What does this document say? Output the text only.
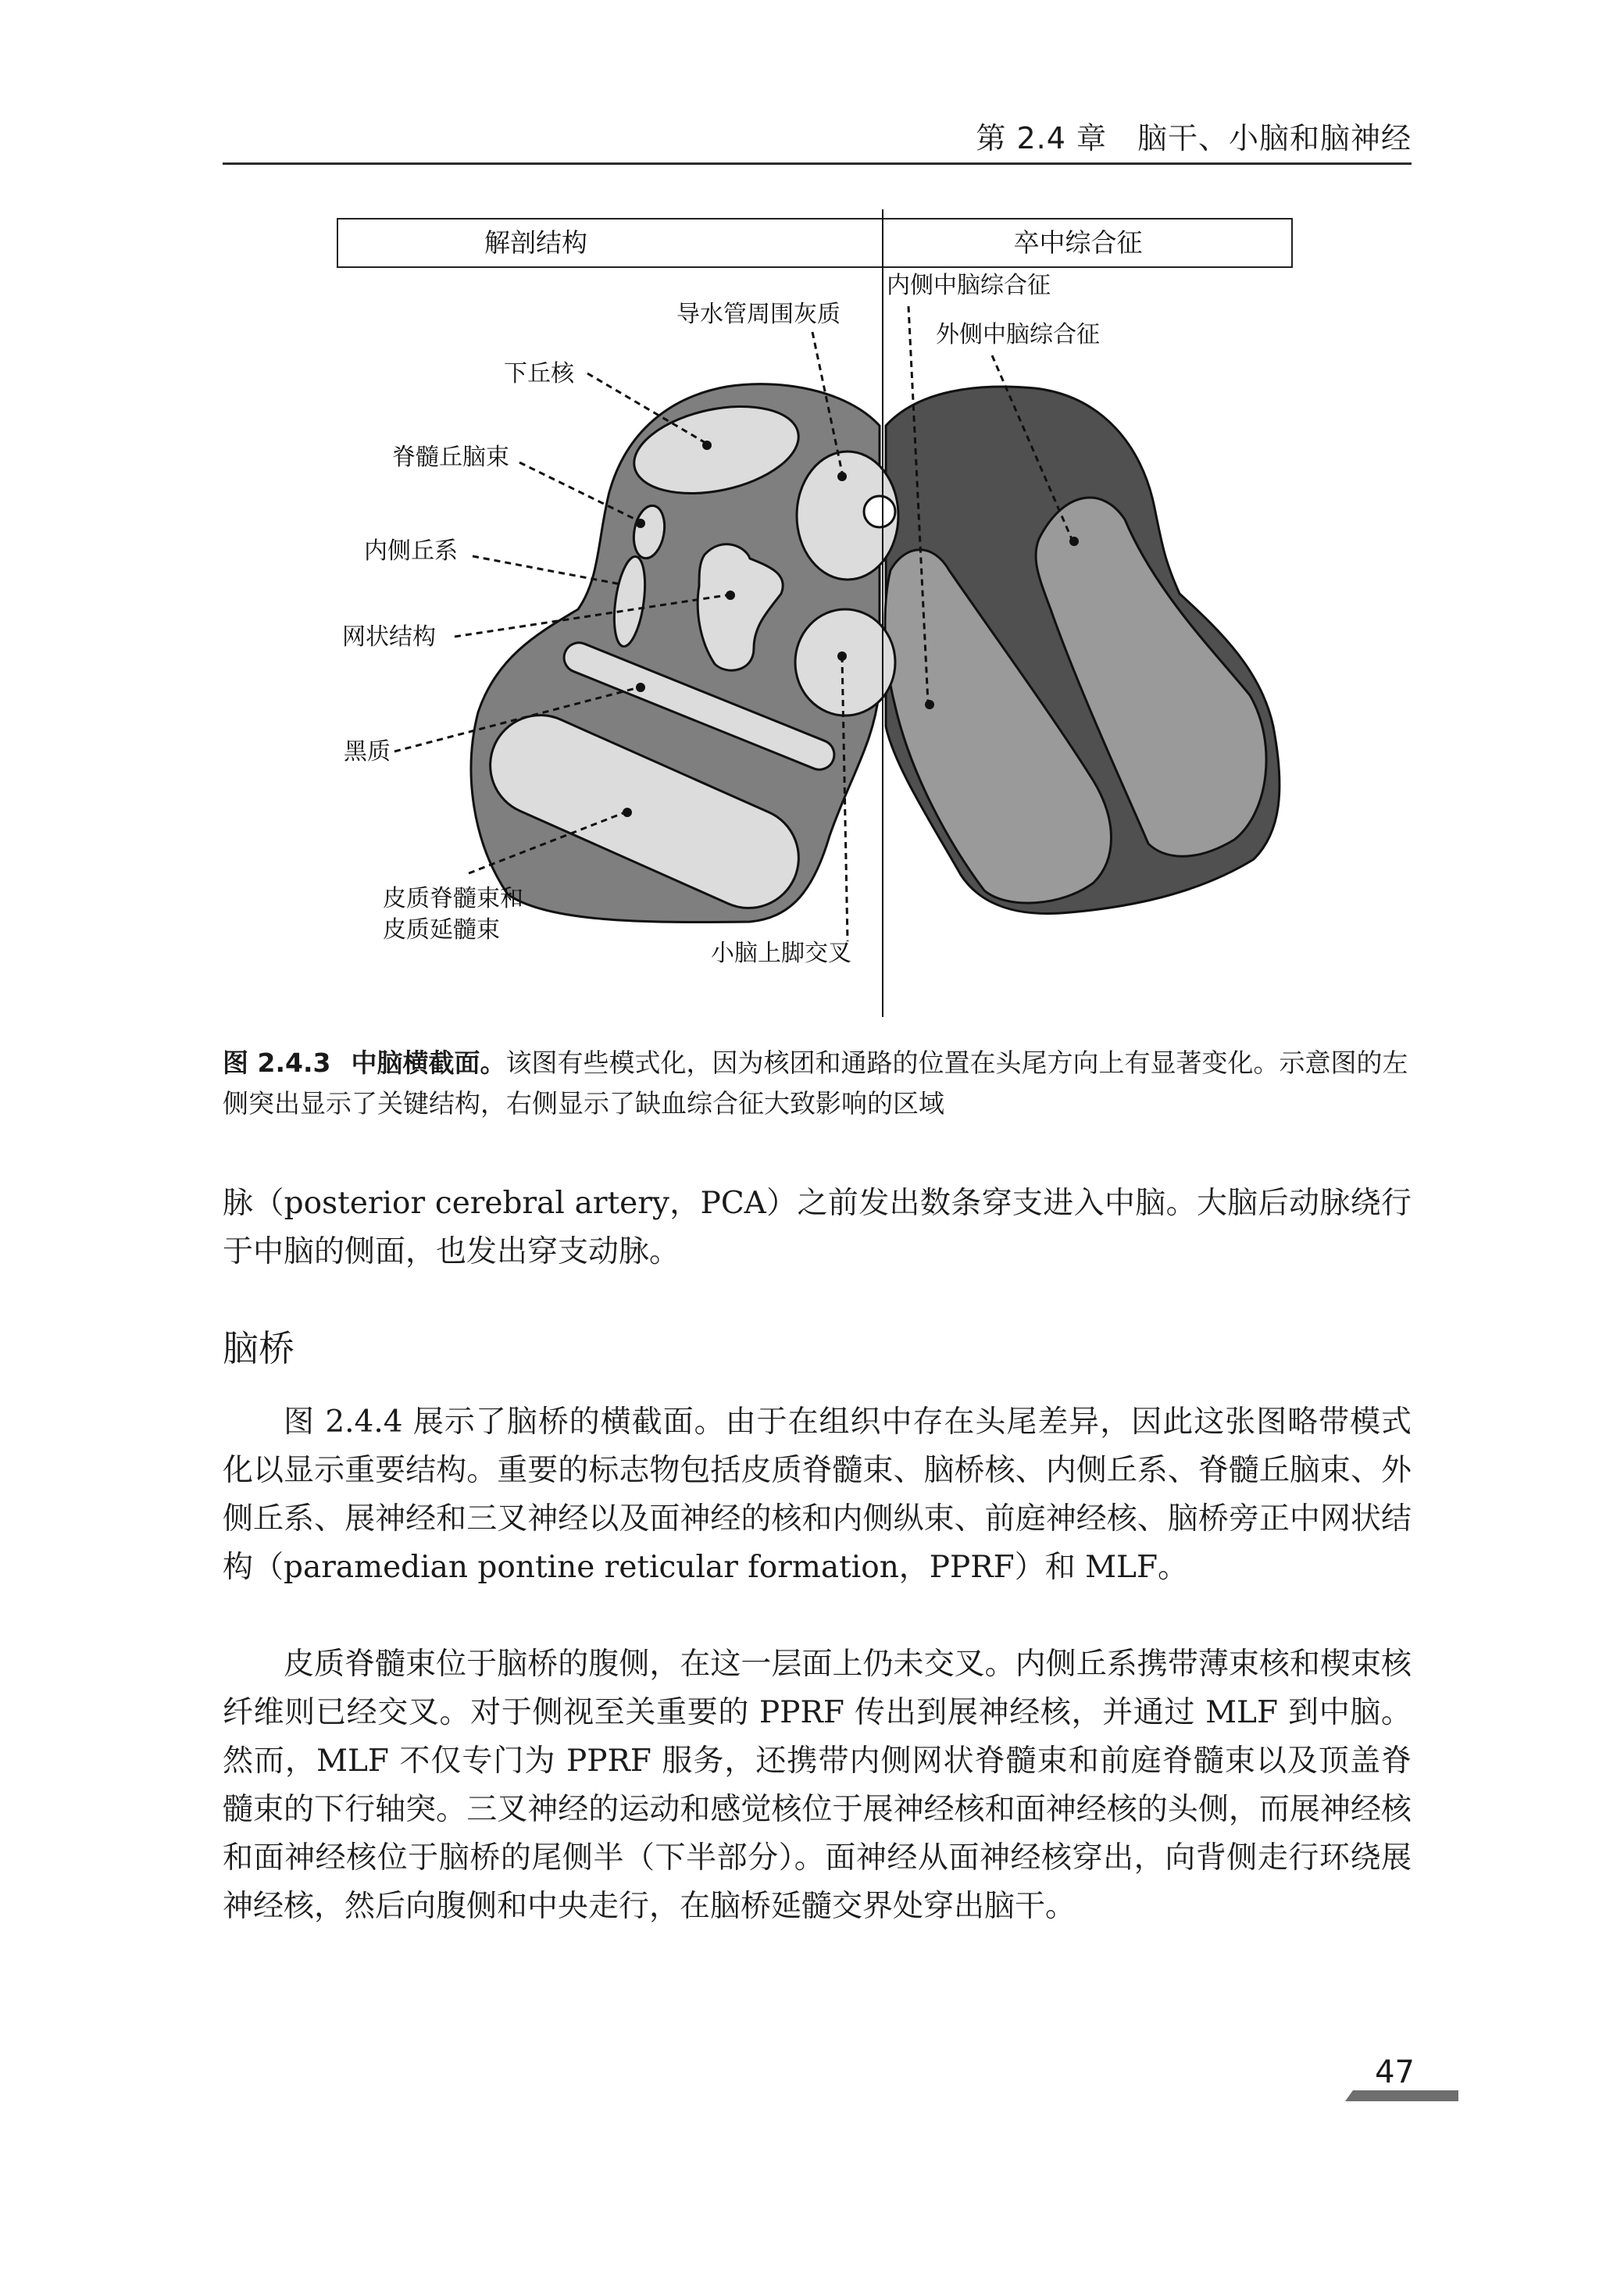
第 2.4 章　脑干、小脑和脑神经
解剖结构	卒中综合征
导水管周围灰质
下丘核
脊髓丘脑束
内侧丘系
网状结构
黑质
皮质脊髓束和
皮质延髓束
小脑上脚交叉
内侧中脑综合征
外侧中脑综合征
图 2.4.3 中脑横截面。该图有些模式化，因为核团和通路的位置在头尾方向上有显著变化。示意图的左侧突出显示了关键结构，右侧显示了缺血综合征大致影响的区域
脉（posterior cerebral artery，PCA）之前发出数条穿支进入中脑。大脑后动脉绕行于中脑的侧面，也发出穿支动脉。
脑桥
图 2.4.4 展示了脑桥的横截面。由于在组织中存在头尾差异，因此这张图略带模式化以显示重要结构。重要的标志物包括皮质脊髓束、脑桥核、内侧丘系、脊髓丘脑束、外侧丘系、展神经和三叉神经以及面神经的核和内侧纵束、前庭神经核、脑桥旁正中网状结构（paramedian pontine reticular formation，PPRF）和 MLF。
皮质脊髓束位于脑桥的腹侧，在这一层面上仍未交叉。内侧丘系携带薄束核和楔束核纤维则已经交叉。对于侧视至关重要的 PPRF 传出到展神经核，并通过 MLF 到中脑。然而，MLF 不仅专门为 PPRF 服务，还携带内侧网状脊髓束和前庭脊髓束以及顶盖脊髓束的下行轴突。三叉神经的运动和感觉核位于展神经核和面神经核的头侧，而展神经核和面神经核位于脑桥的尾侧半（下半部分）。面神经从面神经核穿出，向背侧走行环绕展神经核，然后向腹侧和中央走行，在脑桥延髓交界处穿出脑干。
47
